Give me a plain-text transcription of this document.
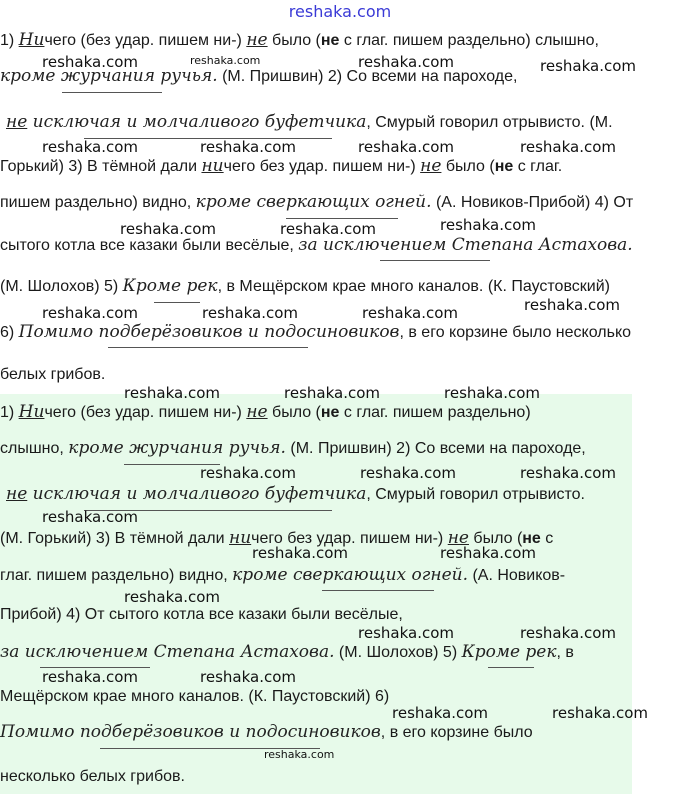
reshaka.com
1) Ничего (без удар. пишем ни-) не было (не с глаг. пишем раздельно) слышно,
кроме журчания ручья. (М. Пришвин) 2) Со всеми на пароходе,
не исключая и молчаливого буфетчика, Смурый говорил отрывисто. (М.
Горький) 3) В тёмной дали ничего без удар. пишем ни-) не было (не с глаг.
пишем раздельно) видно, кроме сверкающих огней. (А. Новиков-Прибой) 4) От
сытого котла все казаки были весёлые, за исключением Степана Астахова.
(М. Шолохов) 5) Кроме рек, в Мещёрском крае много каналов. (К. Паустовский)
6) Помимо подберёзовиков и подосиновиков, в его корзине было несколько
белых грибов.
1) Ничего (без удар. пишем ни-) не было (не с глаг. пишем раздельно)
слышно, кроме журчания ручья. (М. Пришвин) 2) Со всеми на пароходе,
не исключая и молчаливого буфетчика, Смурый говорил отрывисто.
(М. Горький) 3) В тёмной дали ничего без удар. пишем ни-) не было (не с
глаг. пишем раздельно) видно, кроме сверкающих огней. (А. Новиков-
Прибой) 4) От сытого котла все казаки были весёлые,
за исключением Степана Астахова. (М. Шолохов) 5) Кроме рек, в
Мещёрском крае много каналов. (К. Паустовский) 6)
Помимо подберёзовиков и подосиновиков, в его корзине было
несколько белых грибов.
reshaka.com	reshaka.com	reshaka.com	reshaka.com
reshaka.com	reshaka.com	reshaka.com	reshaka.com
reshaka.com	reshaka.com	reshaka.com
reshaka.com
reshaka.com	reshaka.com	reshaka.com
reshaka.com	reshaka.com	reshaka.com
reshaka.com	reshaka.com	reshaka.com
reshaka.com
reshaka.com	reshaka.com
reshaka.com
reshaka.com	reshaka.com
reshaka.com	reshaka.com
reshaka.com	reshaka.com
reshaka.com
